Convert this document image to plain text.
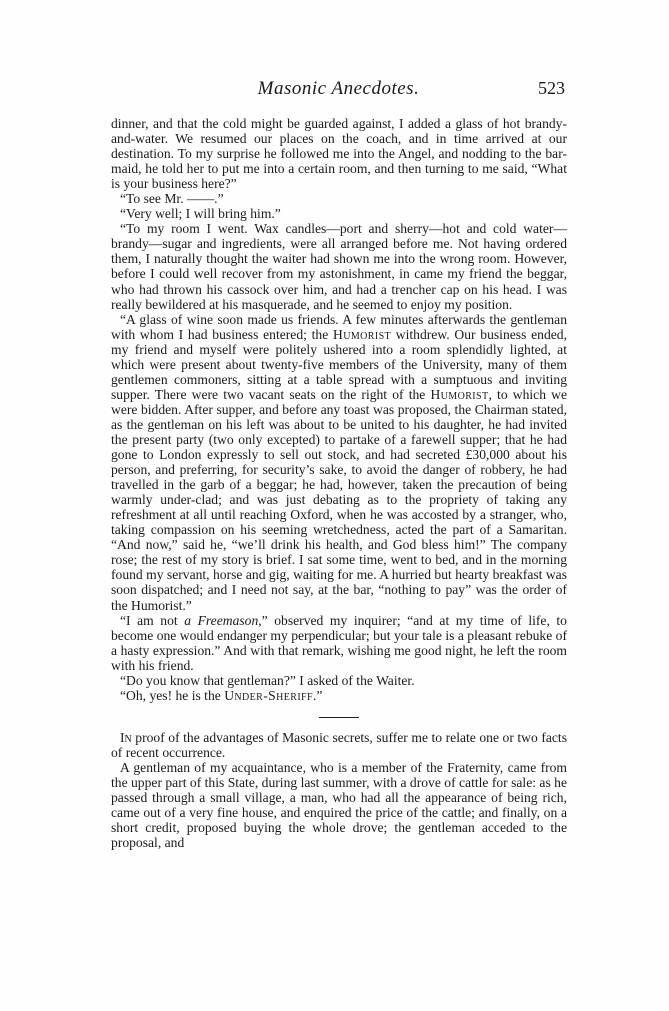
Masonic Anecdotes.	523

dinner, and that the cold might be guarded against, I added a glass of hot brandy-and-water. We resumed our places on the coach, and in time arrived at our destination. To my surprise he followed me into the Angel, and nodding to the bar-maid, he told her to put me into a certain room, and then turning to me said, “What is your business here?”

“To see Mr. ——.”

“Very well; I will bring him.”

“To my room I went. Wax candles—port and sherry—hot and cold water—brandy—sugar and ingredients, were all arranged before me. Not having ordered them, I naturally thought the waiter had shown me into the wrong room. However, before I could well recover from my astonishment, in came my friend the beggar, who had thrown his cassock over him, and had a trencher cap on his head. I was really bewildered at his masquerade, and he seemed to enjoy my position.

“A glass of wine soon made us friends. A few minutes afterwards the gentleman with whom I had business entered; the Humorist withdrew. Our business ended, my friend and myself were politely ushered into a room splendidly lighted, at which were present about twenty-five members of the University, many of them gentlemen commoners, sitting at a table spread with a sumptuous and inviting supper. There were two vacant seats on the right of the Humorist, to which we were bidden. After supper, and before any toast was proposed, the Chairman stated, as the gentleman on his left was about to be united to his daughter, he had invited the present party (two only excepted) to partake of a farewell supper; that he had gone to London expressly to sell out stock, and had secreted £30,000 about his person, and preferring, for security’s sake, to avoid the danger of robbery, he had travelled in the garb of a beggar; he had, however, taken the precaution of being warmly under-clad; and was just debating as to the propriety of taking any refreshment at all until reaching Oxford, when he was accosted by a stranger, who, taking compassion on his seeming wretchedness, acted the part of a Samaritan. “And now,” said he, “we’ll drink his health, and God bless him!” The company rose; the rest of my story is brief. I sat some time, went to bed, and in the morning found my servant, horse and gig, waiting for me. A hurried but hearty breakfast was soon dispatched; and I need not say, at the bar, “nothing to pay” was the order of the Humorist.”

“I am not a Freemason,” observed my inquirer; “and at my time of life, to become one would endanger my perpendicular; but your tale is a pleasant rebuke of a hasty expression.” And with that remark, wishing me good night, he left the room with his friend.

“Do you know that gentleman?” I asked of the Waiter.

“Oh, yes! he is the Under-Sheriff.”

In proof of the advantages of Masonic secrets, suffer me to relate one or two facts of recent occurrence.

A gentleman of my acquaintance, who is a member of the Fraternity, came from the upper part of this State, during last summer, with a drove of cattle for sale: as he passed through a small village, a man, who had all the appearance of being rich, came out of a very fine house, and enquired the price of the cattle; and finally, on a short credit, proposed buying the whole drove; the gentleman acceded to the proposal, and
